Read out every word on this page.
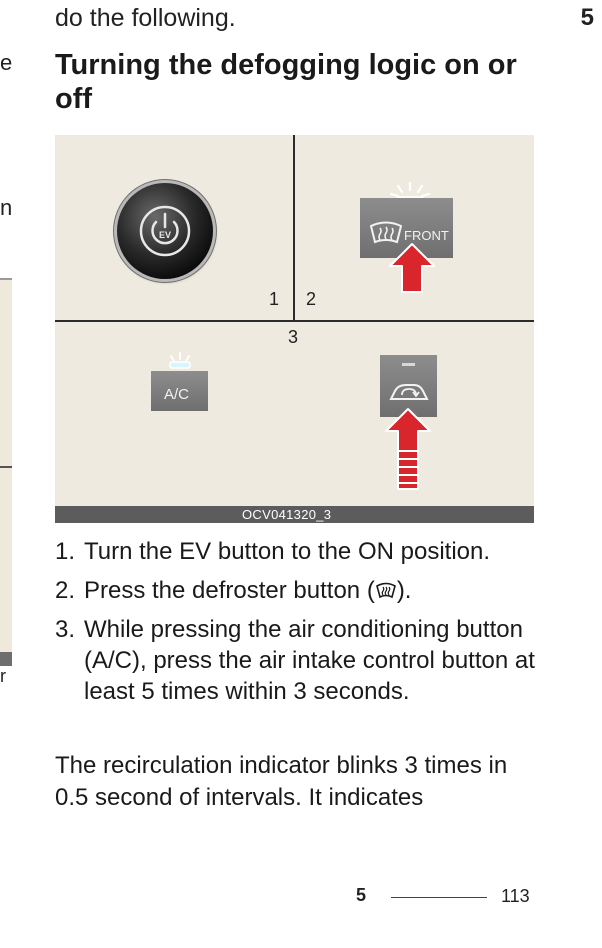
e
n
r
do the following.	5
Turning the defogging logic on or off
1 2
3
EV	FRONT
A/C
OCV041320_3
1. Turn the EV button to the ON position.
2. Press the defroster button ( ).
3. While pressing the air conditioning button (A/C), press the air intake control button at least 5 times within 3 seconds.

The recirculation indicator blinks 3 times in 0.5 second of intervals. It indicates

5	113
